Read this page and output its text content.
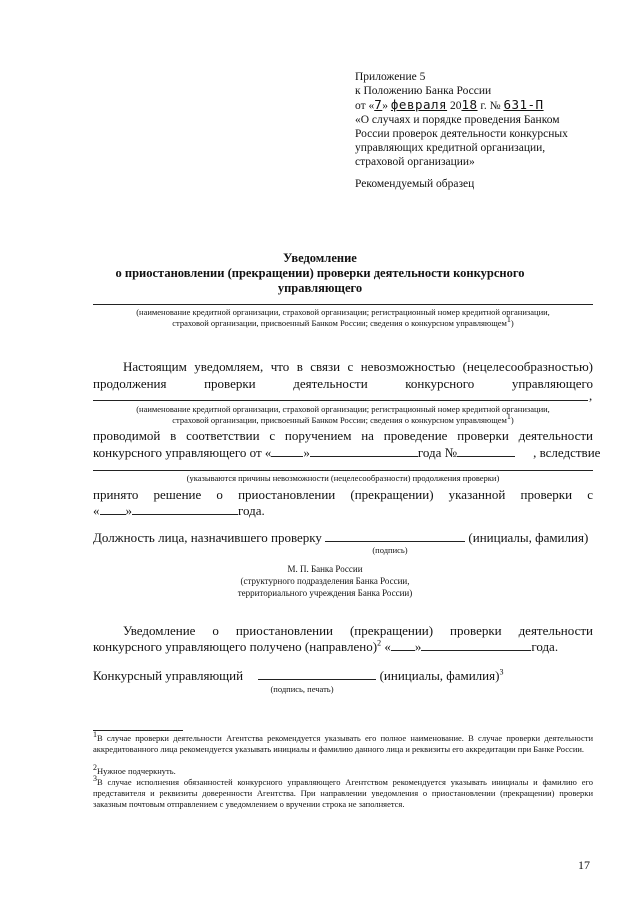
Приложение 5
к Положению Банка России
от «7» февраля 2018 г. № 631-П
«О случаях и порядке проведения Банком
России проверок деятельности конкурсных
управляющих кредитной организации,
страховой организации»
Рекомендуемый образец
Уведомление
о приостановлении (прекращении) проверки деятельности конкурсного
управляющего
(наименование кредитной организации, страховой организации; регистрационный номер кредитной организации,
страховой организации, присвоенный Банком России; сведения о конкурсном управляющем$^1$)
Настоящим уведомляем, что в связи с невозможностью (нецелесообразностью)
продолжения проверки деятельности конкурсного управляющего
,
(наименование кредитной организации, страховой организации; регистрационный номер кредитной организации,
страховой организации, присвоенный Банком России; сведения о конкурсном управляющем$^1$)
проводимой в соответствии с поручением на проведение проверки деятельности
конкурсного управляющего от « »	года №	, вследствие
(указываются причины невозможности (нецелесообразности) продолжения проверки)
принято решение о приостановлении (прекращении) указанной проверки с
« »	года.
Должность лица, назначившего проверку	(инициалы, фамилия)
(подпись)
М. П. Банка России
(структурного подразделения Банка России,
территориального учреждения Банка России)
Уведомление о приостановлении (прекращении) проверки деятельности
конкурсного управляющего получено (направлено)$^2$ « »	года.
Конкурсный управляющий	(инициалы, фамилия)$^3$
(подпись, печать)
$^1$В случае проверки деятельности Агентства рекомендуется указывать его полное наименование. В случае проверки деятельности аккредитованного лица рекомендуется указывать инициалы и фамилию данного лица и реквизиты его аккредитации при Банке России.
$^2$Нужное подчеркнуть.
$^3$В случае исполнения обязанностей конкурсного управляющего Агентством рекомендуется указывать инициалы и фамилию его представителя и реквизиты доверенности Агентства. При направлении уведомления о приостановлении (прекращении) проверки заказным почтовым отправлением с уведомлением о вручении строка не заполняется.
17
